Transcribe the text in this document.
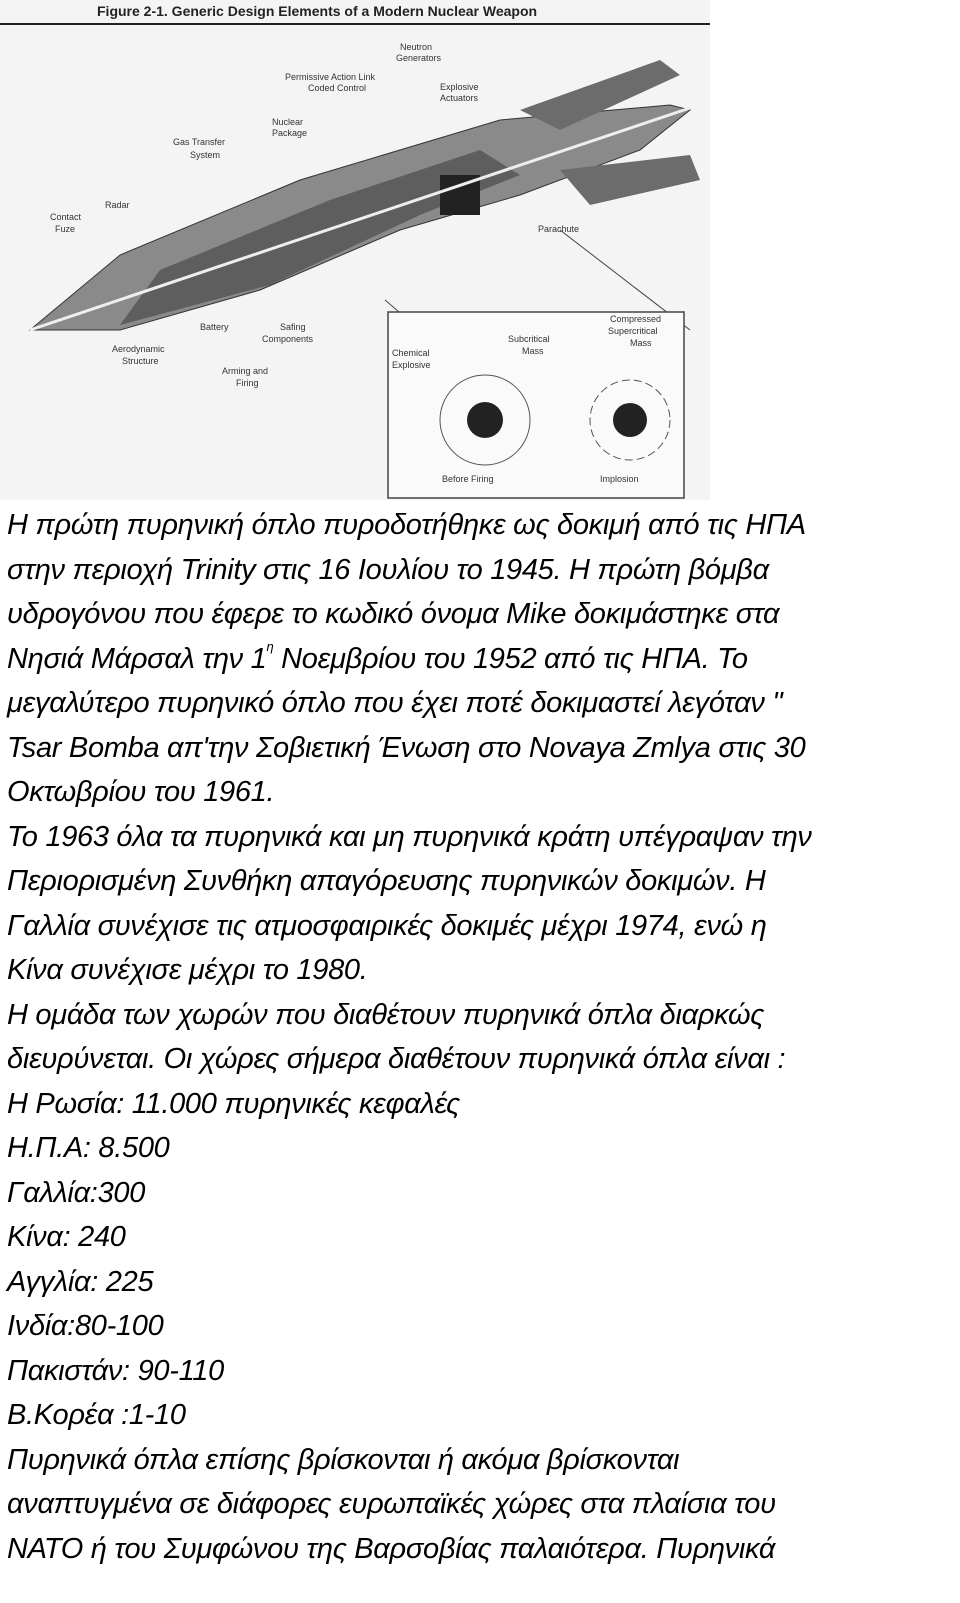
Figure 2-1. Generic Design Elements of a Modern Nuclear Weapon
Neutron
Generators
Permissive Action Link
Coded Control	Explosive
Actuators
Nuclear
Package
Gas Transfer
System
Radar
Contact
Fuze	Parachute
Battery
Aerodynamic
Structure
Safing
Components
Arming and
Firing
Chemical
Explosive
Subcritical
Mass
Compressed
Supercritical
Mass
Before Firing	Implosion
Η πρώτη πυρηνική όπλο πυροδοτήθηκε ως δοκιμή από τις ΗΠΑ
στην περιοχή Trinity στις 16 Ιουλίου το 1945. Η πρώτη βόμβα
υδρογόνου που έφερε το κωδικό όνομα Mike δοκιμάστηκε στα
Νησιά Μάρσαλ την $1^\eta$ Νοεμβρίου του 1952 από τις ΗΠΑ. Το
μεγαλύτερο πυρηνικό όπλο που έχει ποτέ δοκιμαστεί λεγόταν "
Tsar Bomba απ'την Σοβιετική Ένωση στο Novaya Zmlya στις 30
Οκτωβρίου του 1961.
Το 1963 όλα τα πυρηνικά και μη πυρηνικά κράτη υπέγραψαν την
Περιορισμένη Συνθήκη απαγόρευσης πυρηνικών δοκιμών. Η
Γαλλία συνέχισε τις ατμοσφαιρικές δοκιμές μέχρι 1974, ενώ η
Κίνα συνέχισε μέχρι το 1980.
Η ομάδα των χωρών που διαθέτουν πυρηνικά όπλα διαρκώς
διευρύνεται. Οι χώρες σήμερα διαθέτουν πυρηνικά όπλα είναι :
Η Ρωσία: 11.000 πυρηνικές κεφαλές
Η.Π.Α: 8.500
Γαλλία:300
Κίνα: 240
Αγγλία: 225
Ινδία:80-100
Πακιστάν: 90-110
Β.Κορέα :1-10
Πυρηνικά όπλα επίσης βρίσκονται ή ακόμα βρίσκονται
αναπτυγμένα σε διάφορες ευρωπαϊκές χώρες στα πλαίσια του
ΝΑΤΟ ή του Συμφώνου της Βαρσοβίας παλαιότερα. Πυρηνικά
